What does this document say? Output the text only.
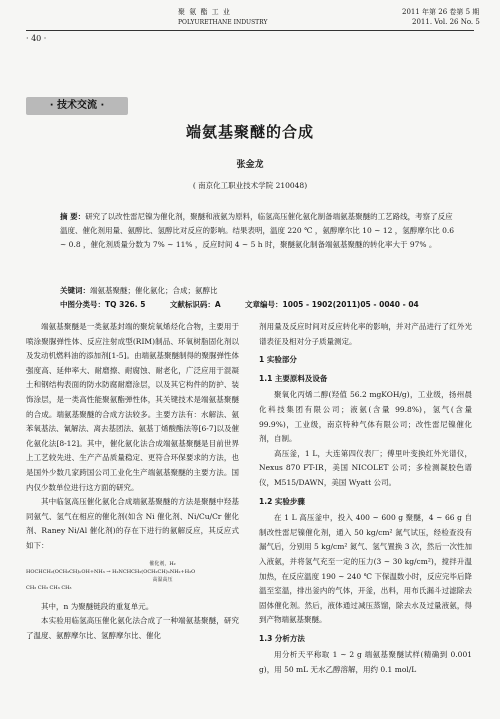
聚 氨 酯 工 业
POLYURETHANE INDUSTRY
2011 年第 26 卷第 5 期
2011. Vol. 26 No. 5
· 40 ·
· 技术交流 ·
端氨基聚醚的合成
张金龙
( 南京化工职业技术学院 210048)
摘 要：研究了以改性雷尼镍为催化剂，聚醚和液氨为原料，临氢高压催化氨化制备端氨基聚醚的工艺路线，考察了反应温度、催化剂用量、氨醇比、氢醇比对反应的影响。结果表明，温度 220 ℃ ，氨醇摩尔比 10 ~ 12 ，氢醇摩尔比 0.6 ~ 0.8 ，催化剂质量分数为 7% ~ 11% ，反应时间 4 ~ 5 h 时，聚醚氨化制备端氨基聚醚的转化率大于 97% 。
关键词：端氨基聚醚；催化氨化；合成；氨醇比
中图分类号：TQ 326. 5	文献标识码：A	文章编号：1005 - 1902(2011)05 - 0040 - 04

端氨基聚醚是一类氨基封端的聚烷氧烯烃化合物，主要用于喷涂聚脲弹性体、反应注射成型(RIM)制品、环氧树脂固化剂以及发动机燃料油的添加剂[1-5]。由端氨基聚醚制得的聚脲弹性体强度高、延伸率大、耐磨擦、耐腐蚀、耐老化，广泛应用于混凝土和钢结构表面的防水防腐耐磨涂层，以及其它构件的防护、装饰涂层，是一类高性能聚氨酯弹性体，其关键技术是端氨基聚醚的合成。端氨基聚醚的合成方法较多。主要方法有：水解法、氨苯氧基法、氰解法、离去基团法、氨基丁烯酸酯法等[6-7]以及催化氨化法[8-12]。其中，催化氨化法合成端氨基聚醚是目前世界上工艺较先进、生产产品质量稳定、更符合环保要求的方法，也是国外少数几家跨国公司工业化生产端氨基聚醚的主要方法。国内仅少数单位进行这方面的研究。

其中临氢高压催化氨化合成端氨基聚醚的方法是聚醚中羟基同氨气、氢气在相应的催化剂(如含 Ni 催化剂、Ni/Cu/Cr 催化剂、Raney Ni/Al 催化剂)的存在下进行的氨解反应，其反应式如下：

催化剂，H₂
HOCHCH₂(OCH₂CH)ₙOH+NH₃ → H₂NCHCH₂(OCH₂CH)ₙNH₂+H₂O
高温高压
CH₃ CH₃ CH₃ CH₃

其中，n 为聚醚链段的重复单元。

本实验用临氢高压催化氨化法合成了一种端氨基聚醚，研究了温度、氨醇摩尔比、氢醇摩尔比、催化

剂用量及反应时间对反应转化率的影响，并对产品进行了红外光谱表征及相对分子质量测定。

1 实验部分
1.1 主要原料及设备

聚氧化丙烯二醇(羟值 56.2 mgKOH/g)，工业级，扬州晨化科技集团有限公司；液氨(含量 99.8%)，氢气(含量 99.9%)，工业级，南京特种气体有限公司；改性雷尼镍催化剂，自制。

高压釜，1 L，大连第四仪表厂；傅里叶变换红外光谱仪，Nexus 870 FT-IR，美国 NICOLET 公司；多检测凝胶色谱仪，M515/DAWN，美国 Wyatt 公司。

1.2 实验步骤

在 1 L 高压釜中，投入 400 ~ 600 g 聚醚，4 ~ 66 g 自制改性雷尼镍催化剂，通入 50 kg/cm² 氮气试压，经检查没有漏气后，分别用 5 kg/cm² 氮气、氢气置换 3 次，然后一次性加入液氨，并将氢气充至一定的压力(3 ~ 30 kg/cm²)，搅拌升温加热，在反应温度 190 ~ 240 ℃ 下保温数小时，反应完毕后降温至室温，排出釜内的气体，开釜，出料，用布氏漏斗过滤除去固体催化剂。然后，液体通过减压蒸馏，除去水及过量液氨，得到产物端氨基聚醚。

1.3 分析方法

用分析天平称取 1 ~ 2 g 端氨基聚醚试样(精确到 0.001 g)，用 50 mL 无水乙醇溶解，用约 0.1 mol/L
